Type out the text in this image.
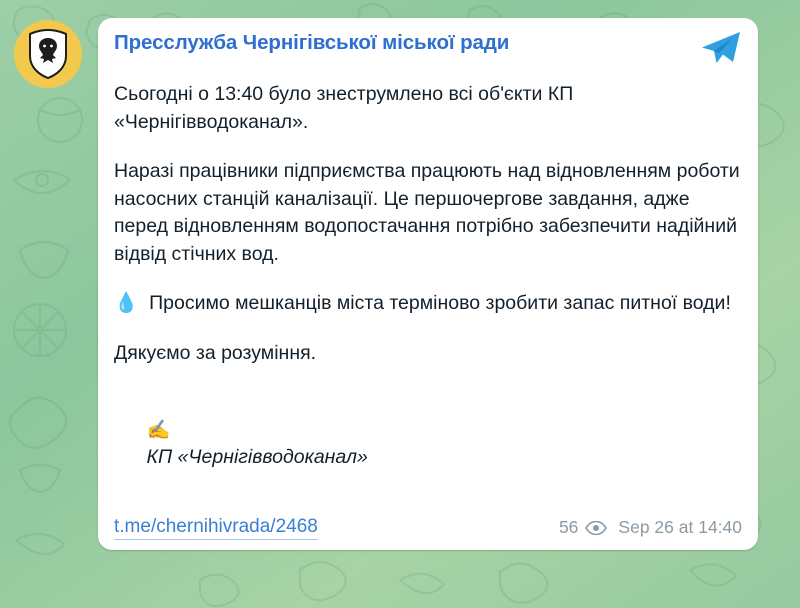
Пресслужба Чернігівської міської ради
Сьогодні о 13:40 було знеструмлено всі об'єкти КП «Чернігівводоканал».
Наразі працівники підприємства працюють над відновленням роботи насосних станцій каналізації. Це першочергове завдання, адже перед відновленням водопостачання потрібно забезпечити надійний відвід стічних вод.
💧  Просимо мешканців міста терміново зробити запас питної води!
Дякуємо за розуміння.

✍️
КП «Чернігівводоканал»

t.me/chernihivrada/2468	56 Sep 26 at 14:40
